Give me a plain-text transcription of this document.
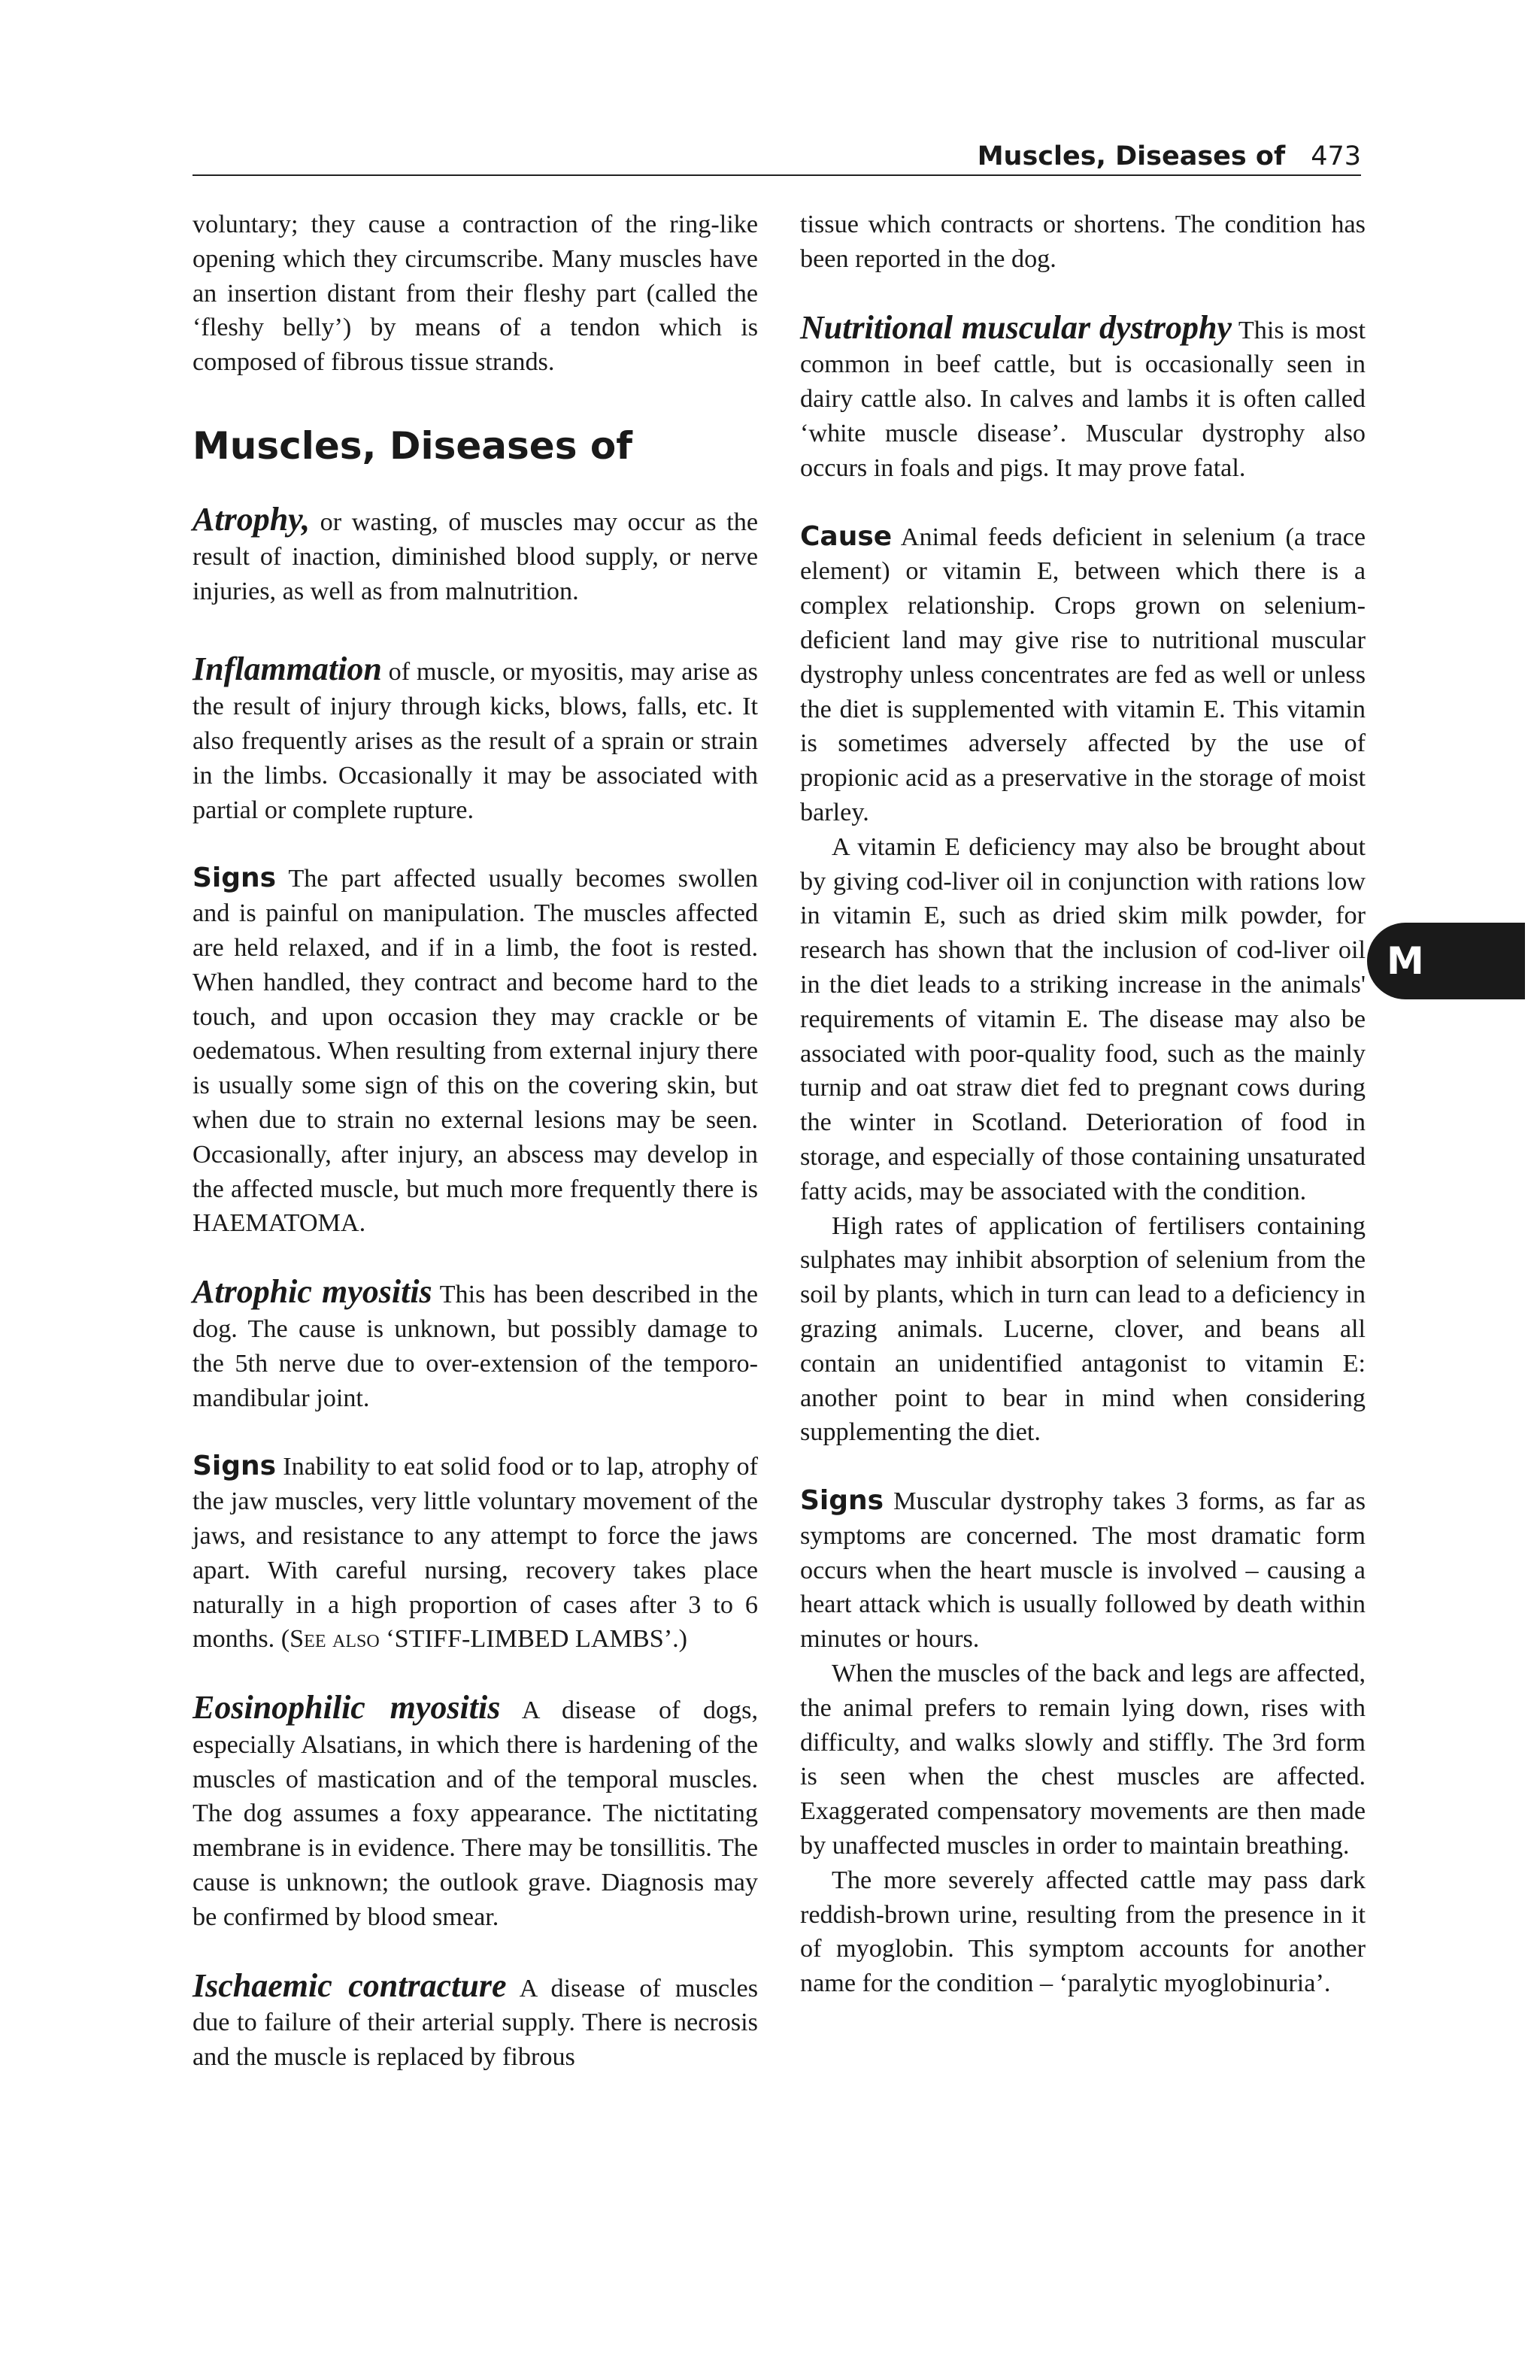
Muscles, Diseases of 473

voluntary; they cause a contraction of the ring-like opening which they circumscribe. Many muscles have an insertion distant from their fleshy part (called the ‘fleshy belly’) by means of a tendon which is composed of fibrous tissue strands.

Muscles, Diseases of

Atrophy, or wasting, of muscles may occur as the result of inaction, diminished blood supply, or nerve injuries, as well as from malnutrition.

Inflammation of muscle, or myositis, may arise as the result of injury through kicks, blows, falls, etc. It also frequently arises as the result of a sprain or strain in the limbs. Occasionally it may be associated with partial or complete rupture.

Signs The part affected usually becomes swollen and is painful on manipulation. The muscles affected are held relaxed, and if in a limb, the foot is rested. When handled, they contract and become hard to the touch, and upon occasion they may crackle or be oedematous. When resulting from external injury there is usually some sign of this on the covering skin, but when due to strain no external lesions may be seen. Occasionally, after injury, an abscess may develop in the affected muscle, but much more frequently there is HAEMATOMA.

Atrophic myositis This has been described in the dog. The cause is unknown, but possibly damage to the 5th nerve due to over-extension of the temporo-mandibular joint.

Signs Inability to eat solid food or to lap, atrophy of the jaw muscles, very little voluntary movement of the jaws, and resistance to any attempt to force the jaws apart. With careful nursing, recovery takes place naturally in a high proportion of cases after 3 to 6 months. (See also ‘STIFF-LIMBED LAMBS’.)

Eosinophilic myositis A disease of dogs, especially Alsatians, in which there is hardening of the muscles of mastication and of the temporal muscles. The dog assumes a foxy appearance. The nictitating membrane is in evidence. There may be tonsillitis. The cause is unknown; the outlook grave. Diagnosis may be confirmed by blood smear.

Ischaemic contracture A disease of muscles due to failure of their arterial supply. There is necrosis and the muscle is replaced by fibrous

tissue which contracts or shortens. The condition has been reported in the dog.

Nutritional muscular dystrophy This is most common in beef cattle, but is occasionally seen in dairy cattle also. In calves and lambs it is often called ‘white muscle disease’. Muscular dystrophy also occurs in foals and pigs. It may prove fatal.

Cause Animal feeds deficient in selenium (a trace element) or vitamin E, between which there is a complex relationship. Crops grown on selenium-deficient land may give rise to nutritional muscular dystrophy unless concentrates are fed as well or unless the diet is supplemented with vitamin E. This vitamin is sometimes adversely affected by the use of propionic acid as a preservative in the storage of moist barley.

A vitamin E deficiency may also be brought about by giving cod-liver oil in conjunction with rations low in vitamin E, such as dried skim milk powder, for research has shown that the inclusion of cod-liver oil in the diet leads to a striking increase in the animals' requirements of vitamin E. The disease may also be associated with poor-quality food, such as the mainly turnip and oat straw diet fed to pregnant cows during the winter in Scotland. Deterioration of food in storage, and especially of those containing unsaturated fatty acids, may be associated with the condition.

High rates of application of fertilisers containing sulphates may inhibit absorption of selenium from the soil by plants, which in turn can lead to a deficiency in grazing animals. Lucerne, clover, and beans all contain an unidentified antagonist to vitamin E: another point to bear in mind when considering supplementing the diet.

Signs Muscular dystrophy takes 3 forms, as far as symptoms are concerned. The most dramatic form occurs when the heart muscle is involved – causing a heart attack which is usually followed by death within minutes or hours.

When the muscles of the back and legs are affected, the animal prefers to remain lying down, rises with difficulty, and walks slowly and stiffly. The 3rd form is seen when the chest muscles are affected. Exaggerated compensatory movements are then made by unaffected muscles in order to maintain breathing.

The more severely affected cattle may pass dark reddish-brown urine, resulting from the presence in it of myoglobin. This symptom accounts for another name for the condition – ‘paralytic myoglobinuria’.

M
